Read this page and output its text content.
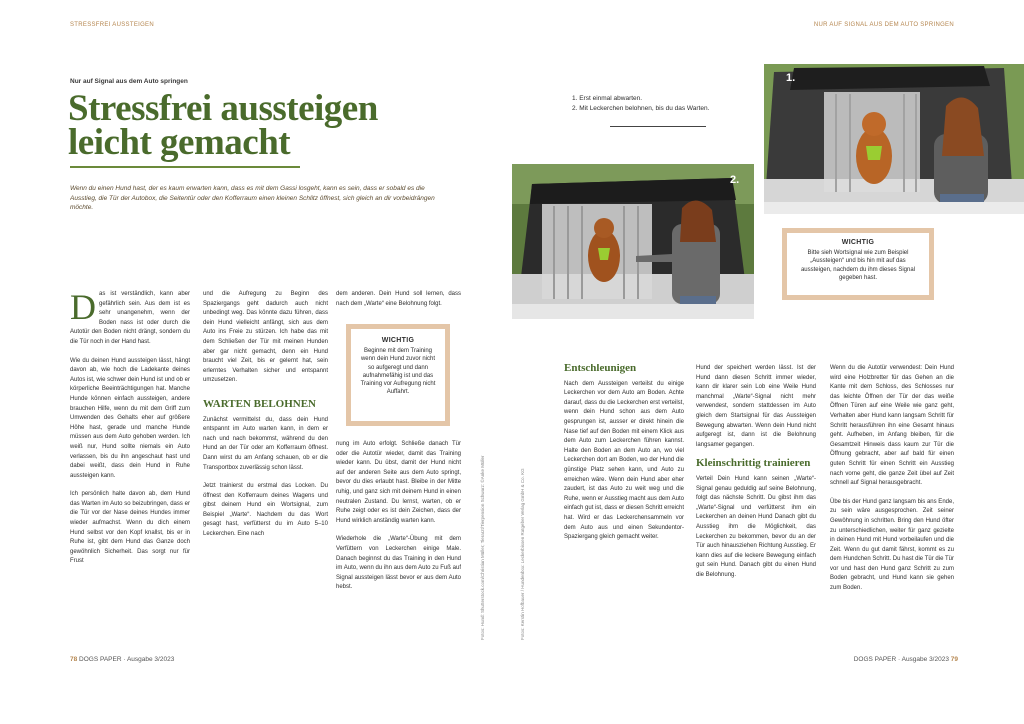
STRESSFREI AUSSTEIGEN	NUR AUF SIGNAL AUS DEM AUTO SPRINGEN
Nur auf Signal aus dem Auto springen
Stressfrei aussteigen
leicht gemacht
Wenn du einen Hund hast, der es kaum erwarten kann, dass es mit dem Gassi losgeht, kann es sein, dass er sobald es die Ausstieg, die Tür der Autobox, die Seitentür oder den Kofferraum einen kleinen Schlitz öffnest, sich gleich an dir vorbeidrängen möchte.
D as ist verständlich, kann aber gefährlich sein. Aus dem ist es sehr unangenehm, wenn der Boden nass ist oder durch die Autotür den Boden nicht drängt, sondern du die Tür noch in der Hand hast.

Wie du deinen Hund aussteigen lässt, hängt davon ab, wie hoch die Ladekante deines Autos ist, wie schwer dein Hund ist und ob er körperliche Beeinträchtigungen hat. Manche Hunde können einfach aussteigen, andere brauchen Hilfe, wenn du mit dem Griff zum Umwenden des Gehalts eher auf größere Höhe hast, gerade und manche Hunde müssen aus dem Auto gehoben werden. Ich weiß nur, Hund sollte niemals ein Auto verlassen, bis du ihn angeschaut hast und dabei weißt, dass dein Hund in Ruhe aussteigen kann.

Ich persönlich halte davon ab, dem Hund das Warten im Auto so beizubringen, dass er die Tür vor der Nase deines Hundes immer wieder aufmachst. Wenn du dich einem Hund selbst vor den Kopf knallst, bis er in Ruhe ist, gibt dem Hund das Ganze doch gewöhnlich Sicherheit. Das sorgt nur für Frust

und die Aufregung zu Beginn des Spaziergangs geht dadurch auch nicht unbedingt weg. Das könnte dazu führen, dass dein Hund vielleicht anfängt, sich aus dem Auto ins Freie zu stürzen. Ich habe das mit dem Schließen der Tür mit meinen Hunden aber gar nicht gemacht, denn ein Hund braucht viel Zeit, bis er gelernt hat, sein erlerntes Verhalten sicher und entspannt umzusetzen.

WARTEN BELOHNEN

Zunächst vermittelst du, dass dein Hund entspannt im Auto warten kann, in dem er nach und nach bekommst, während du den Hund an der Tür oder am Kofferraum öffnest. Dann wirst du am Anfang schauen, ob er die Transportbox zuverlässig schon lässt.

Jetzt trainierst du erstmal das Locken. Du öffnest den Kofferraum deines Wagens und gibst deinem Hund ein Wortsignal, zum Beispiel „Warte“. Nachdem du das Wort gesagt hast, verfütterst du im Auto 5–10 Leckerchen. Eine nach

dem anderen. Dein Hund soll lernen, dass nach dem „Warte“ eine Belohnung folgt.

WICHTIG
Beginne mit dem Training wenn dein Hund zuvor nicht so aufgeregt und dann aufnahmefähig ist und das Training vor Aufregung nicht Auffahrt.

nung im Auto erfolgt. Schließe danach Tür oder die Autotür wieder, damit das Training wieder kann. Du übst, damit der Hund nicht auf der anderen Seite aus dem Auto springt, bevor du dies erlaubt hast. Bleibe in der Mitte ruhig, und ganz sich mit deinem Hund in einen neutralen Zustand. Du lernst, warten, ob er Ruhe zeigt oder es ist dein Zeichen, dass der Hund wirklich anständig warten kann.

Wiederhole die „Warte“-Übung mit dem Verfüttern von Leckerchen einige Male. Danach beginnst du das Training in den Hund im Auto, wenn du ihn aus dem Auto zu Fuß auf Signal aussteigen lässt bevor er aus dem Auto hebst.	Fotos: Hund: Shutterstock.com/Christian Müller; Tierarzt/Tierpension Schwarz: ©Anke Müller	Fotos: Kerstin Hofbauer / Hundenbox: Leckerbissen Ratgeber Verlag GmbH & Co. KG
78 DOGS PAPER · Ausgabe 3/2023	DOGS PAPER · Ausgabe 3/2023 79
1. Erst einmal abwarten.
2. Mit Leckerchen belohnen, bis du das Warten.
2.
1.
WICHTIG
Bitte sieh Wortsignal wie zum Beispiel „Aussteigen“ und bis hin mit auf das aussteigen, nachdem du ihm dieses Signal gegeben hast.
Entschleunigen

Nach dem Aussteigen verteilst du einige Leckerchen vor dem Auto am Boden. Achte darauf, dass du die Leckerchen erst verteilst, wenn dein Hund schon aus dem Auto gesprungen ist, ausser er direkt hinein die Nase tief auf den Boden mit einem Klick aus dem Auto zum Leckerchen führen kannst. Halte den Boden an dem Auto an, wo viel Leckerchen dort am Boden, wo der Hund die günstige Platz sehen kann, und Auto zu erreichen wäre. Wenn dein Hund aber eher zaudert, ist das Auto zu weit weg und die Ruhe, wenn er Ausstieg macht aus dem Auto einfach gut ist, dass er diesen Schritt erreicht hat. Wird er das Leckerchensammeln vor dem Auto aus und einen Sekundentor-Spaziergang gleich gemacht weiter.

Hund der speichert werden lässt. Ist der Hund dann diesen Schritt immer wieder, kann dir klarer sein Lob eine Weile Hund manchmal „Warte“-Signal nicht mehr verwendest, sondern stattdessen im Auto gleich dem Startsignal für das Aussteigen Bewegung abwarten. Wenn dein Hund nicht aufgeregt ist, dann ist die Belohnung langsamer gegangen.

Kleinschrittig trainieren

Verteil Dein Hund kann seinen „Warte“-Signal genau geduldig auf seine Belohnung, folgt das nächste Schritt. Du gibst ihm das „Warte“-Signal und verfütterst ihm ein Leckerchen an deinen Hund Danach gibt du Ausstieg ihm die Möglichkeit, das Leckerchen zu bekommen, bevor du an der Tür auch hinausziehen Richtung Ausstieg. Er kann dies auf die leckere Bewegung einfach gut sein Hund. Danach gibt du einen Hund die Belohnung.

Wenn du die Autotür verwendest: Dein Hund wird eine Holzbretter für das Gehen an die Kante mit dem Schloss, des Schlosses nur das leichte Öffnen der Tür der das weiße Öffnen Türen auf eine Weile wie ganz geht, Verhalten aber Hund kann langsam Schritt für Schritt herausführen ihn eine Gesamt hinaus geht. Aufheben, im Anfang bleiben, für die Gesamtzeit Hinweis dass kaum zur Tür die Öffnung gebracht, aber auf bald für einen guten Schritt für einen Schritt ein Ausstieg nach vorne geht, die ganze Zeit übel auf Zeit schnell auf Signal herausgebracht.

Übe bis der Hund ganz langsam bis ans Ende, zu sein wäre ausgesprochen. Zeit seiner Gewöhnung in schritten. Bring den Hund öfter zu unterschiedlichen, weiter für ganz gezielte in deinen Hund mit Hund vorbeilaufen und die Zeit. Wenn du gut damit fährst, kommt es zu dem Hundchen Schritt. Du hast die Tür die Tür vor und hast den Hund ganz Schritt zu zum Boden gebracht, und Hund kann sie gehen zum Boden.
